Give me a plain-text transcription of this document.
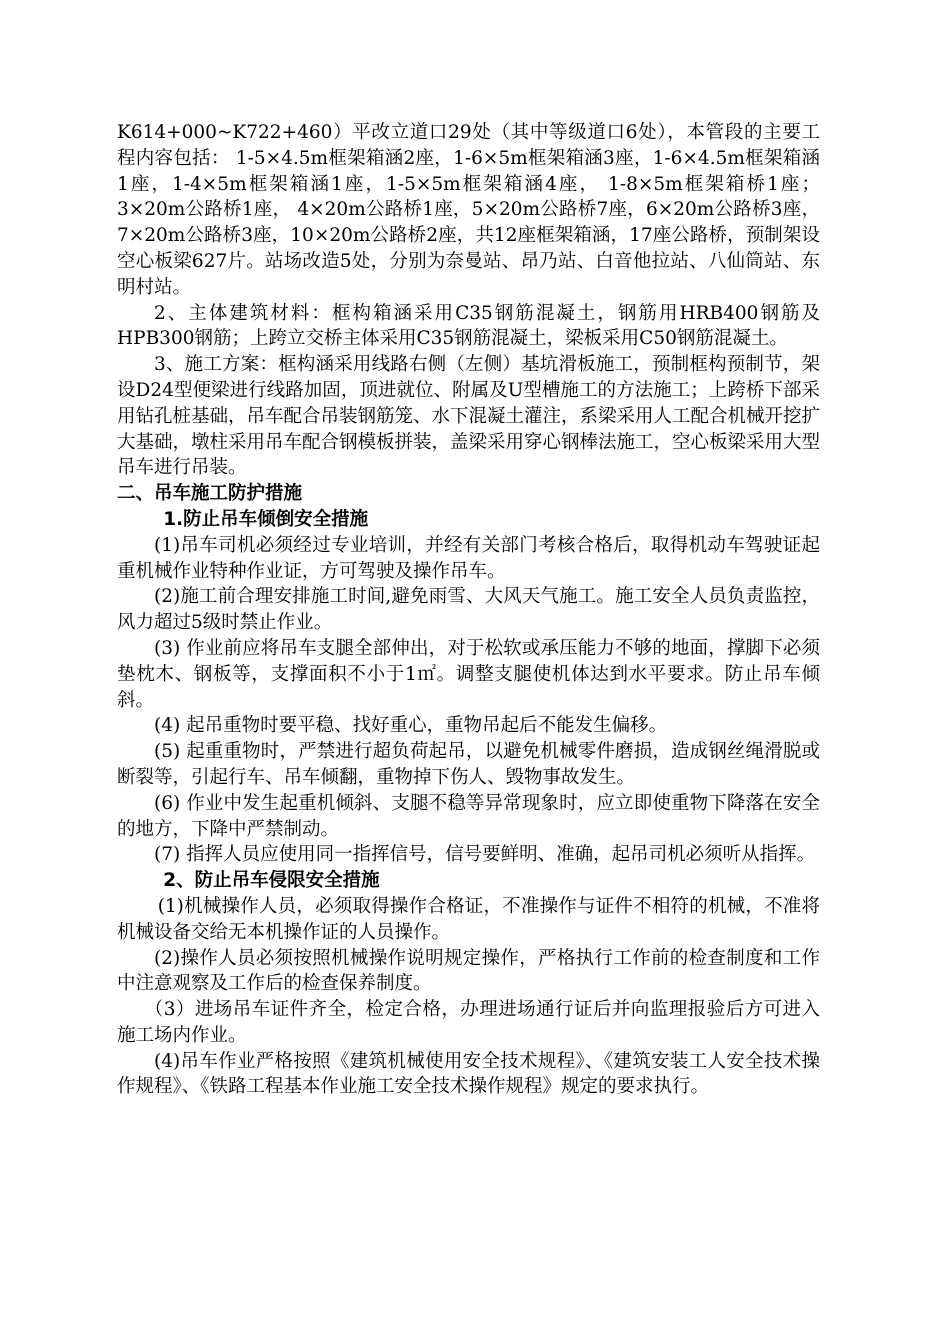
K614+000~K722+460）平改立道口29处（其中等级道口6处），本管段的主要工程内容包括： 1-5×4.5m框架箱涵2座，1-6×5m框架箱涵3座，1-6×4.5m框架箱涵1座，1-4×5m框架箱涵1座，1-5×5m框架箱涵4座， 1-8×5m框架箱桥1座；3×20m公路桥1座， 4×20m公路桥1座，5×20m公路桥7座，6×20m公路桥3座，7×20m公路桥3座，10×20m公路桥2座，共12座框架箱涵，17座公路桥，预制架设空心板梁627片。站场改造5处，分别为奈曼站、昂乃站、白音他拉站、八仙筒站、东明村站。

2、主体建筑材料：框构箱涵采用C35钢筋混凝土，钢筋用HRB400钢筋及HPB300钢筋；上跨立交桥主体采用C35钢筋混凝土，梁板采用C50钢筋混凝土。

3、施工方案：框构涵采用线路右侧（左侧）基坑滑板施工，预制框构预制节，架设D24型便梁进行线路加固，顶进就位、附属及U型槽施工的方法施工；上跨桥下部采用钻孔桩基础，吊车配合吊装钢筋笼、水下混凝土灌注，系梁采用人工配合机械开挖扩大基础，墩柱采用吊车配合钢模板拼装，盖梁采用穿心钢棒法施工，空心板梁采用大型吊车进行吊装。

二、吊车施工防护措施
1.防止吊车倾倒安全措施

(1)吊车司机必须经过专业培训，并经有关部门考核合格后，取得机动车驾驶证起重机械作业特种作业证，方可驾驶及操作吊车。

(2)施工前合理安排施工时间,避免雨雪、大风天气施工。施工安全人员负责监控，风力超过5级时禁止作业。

(3) 作业前应将吊车支腿全部伸出，对于松软或承压能力不够的地面，撑脚下必须垫枕木、钢板等，支撑面积不小于1㎡。调整支腿使机体达到水平要求。防止吊车倾斜。

(4) 起吊重物时要平稳、找好重心，重物吊起后不能发生偏移。

(5) 起重重物时，严禁进行超负荷起吊，以避免机械零件磨损，造成钢丝绳滑脱或断裂等，引起行车、吊车倾翻，重物掉下伤人、毁物事故发生。

(6) 作业中发生起重机倾斜、支腿不稳等异常现象时，应立即使重物下降落在安全的地方，下降中严禁制动。

(7) 指挥人员应使用同一指挥信号，信号要鲜明、准确，起吊司机必须听从指挥。

2、防止吊车侵限安全措施

(1)机械操作人员，必须取得操作合格证，不准操作与证件不相符的机械，不准将机械设备交给无本机操作证的人员操作。

(2)操作人员必须按照机械操作说明规定操作，严格执行工作前的检查制度和工作中注意观察及工作后的检查保养制度。

（3）进场吊车证件齐全，检定合格，办理进场通行证后并向监理报验后方可进入施工场内作业。

(4)吊车作业严格按照《建筑机械使用安全技术规程》、《建筑安装工人安全技术操作规程》、《铁路工程基本作业施工安全技术操作规程》规定的要求执行。
